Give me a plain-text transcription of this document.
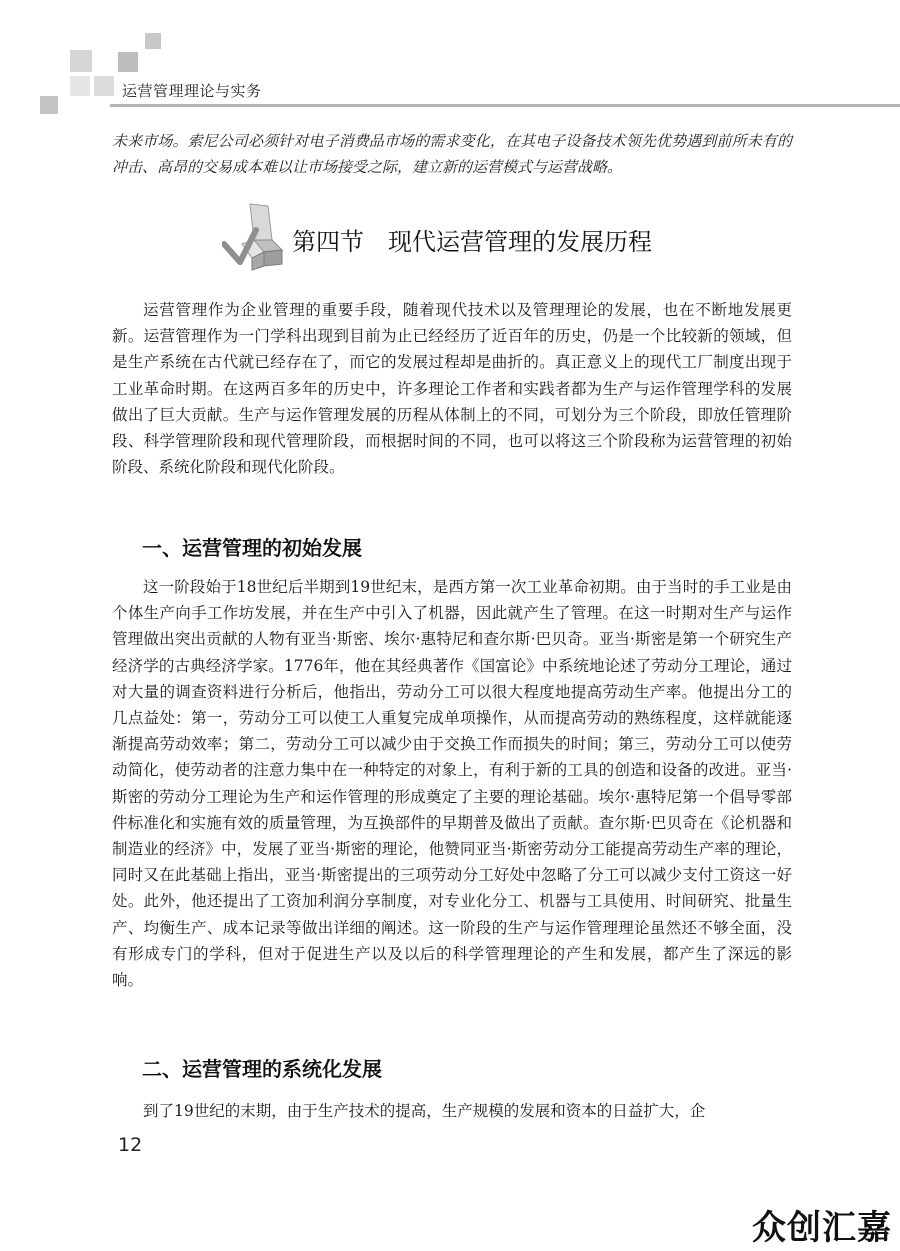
运营管理理论与实务

未来市场。索尼公司必须针对电子消费品市场的需求变化，在其电子设备技术领先优势遇到前所未有的冲击、高昂的交易成本难以让市场接受之际，建立新的运营模式与运营战略。

第四节　现代运营管理的发展历程

运营管理作为企业管理的重要手段，随着现代技术以及管理理论的发展，也在不断地发展更新。运营管理作为一门学科出现到目前为止已经经历了近百年的历史，仍是一个比较新的领域，但是生产系统在古代就已经存在了，而它的发展过程却是曲折的。真正意义上的现代工厂制度出现于工业革命时期。在这两百多年的历史中，许多理论工作者和实践者都为生产与运作管理学科的发展做出了巨大贡献。生产与运作管理发展的历程从体制上的不同，可划分为三个阶段，即放任管理阶段、科学管理阶段和现代管理阶段，而根据时间的不同，也可以将这三个阶段称为运营管理的初始阶段、系统化阶段和现代化阶段。

一、运营管理的初始发展

这一阶段始于18世纪后半期到19世纪末，是西方第一次工业革命初期。由于当时的手工业是由个体生产向手工作坊发展，并在生产中引入了机器，因此就产生了管理。在这一时期对生产与运作管理做出突出贡献的人物有亚当·斯密、埃尔·惠特尼和查尔斯·巴贝奇。亚当·斯密是第一个研究生产经济学的古典经济学家。1776年，他在其经典著作《国富论》中系统地论述了劳动分工理论，通过对大量的调查资料进行分析后，他指出，劳动分工可以很大程度地提高劳动生产率。他提出分工的几点益处：第一，劳动分工可以使工人重复完成单项操作，从而提高劳动的熟练程度，这样就能逐渐提高劳动效率；第二，劳动分工可以减少由于交换工作而损失的时间；第三，劳动分工可以使劳动简化，使劳动者的注意力集中在一种特定的对象上，有利于新的工具的创造和设备的改进。亚当·斯密的劳动分工理论为生产和运作管理的形成奠定了主要的理论基础。埃尔·惠特尼第一个倡导零部件标准化和实施有效的质量管理，为互换部件的早期普及做出了贡献。查尔斯·巴贝奇在《论机器和制造业的经济》中，发展了亚当·斯密的理论，他赞同亚当·斯密劳动分工能提高劳动生产率的理论，同时又在此基础上指出，亚当·斯密提出的三项劳动分工好处中忽略了分工可以减少支付工资这一好处。此外，他还提出了工资加利润分享制度，对专业化分工、机器与工具使用、时间研究、批量生产、均衡生产、成本记录等做出详细的阐述。这一阶段的生产与运作管理理论虽然还不够全面，没有形成专门的学科，但对于促进生产以及以后的科学管理理论的产生和发展，都产生了深远的影响。

二、运营管理的系统化发展

到了19世纪的末期，由于生产技术的提高，生产规模的发展和资本的日益扩大，企

12
众创汇嘉
